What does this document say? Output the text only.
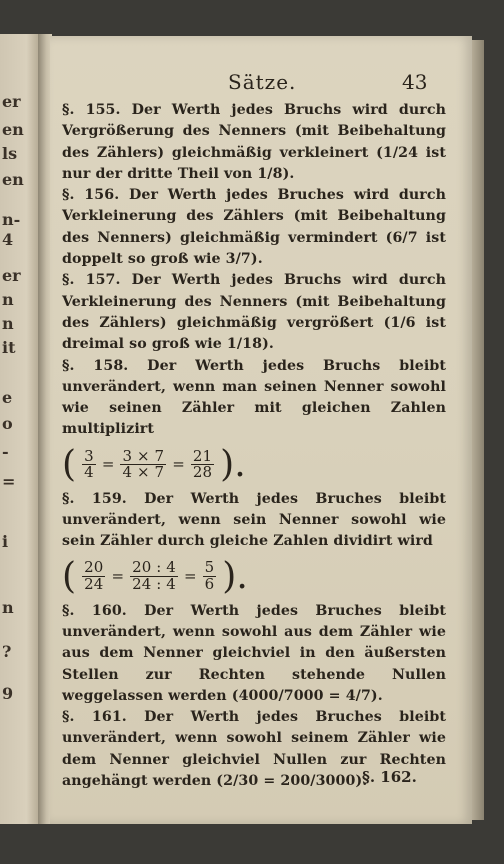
er
en
ls
en
n-
4
er
n
n
it
e
o
-
=
i
n
?
9
Sätze.	43

§. 155. Der Werth jedes Bruchs wird durch Vergrößerung des Nenners (mit Beibehaltung des Zählers) gleichmäßig verkleinert (1/24 ist nur der dritte Theil von 1/8).

§. 156. Der Werth jedes Bruches wird durch Verkleinerung des Zählers (mit Beibehaltung des Nenners) gleichmäßig vermindert (6/7 ist doppelt so groß wie 3/7).

§. 157. Der Werth jedes Bruchs wird durch Verkleinerung des Nenners (mit Beibehaltung des Zählers) gleichmäßig vergrößert (1/6 ist dreimal so groß wie 1/18).

§. 158. Der Werth jedes Bruchs bleibt unverändert, wenn man seinen Nenner sowohl wie seinen Zähler mit gleichen Zahlen multiplizirt

( $\frac{3}{4} = \frac{3 \times 7}{4 \times 7} = \frac{21}{28}$ ).

§. 159. Der Werth jedes Bruches bleibt unverändert, wenn sein Nenner sowohl wie sein Zähler durch gleiche Zahlen dividirt wird

( $\frac{20}{24} = \frac{20 : 4}{24 : 4} = \frac{5}{6}$ ).

§. 160. Der Werth jedes Bruches bleibt unverändert, wenn sowohl aus dem Zähler wie aus dem Nenner gleichviel in den äußersten Stellen zur Rechten stehende Nullen weggelassen werden (4000/7000 = 4/7).

§. 161. Der Werth jedes Bruches bleibt unverändert, wenn sowohl seinem Zähler wie dem Nenner gleichviel Nullen zur Rechten angehängt werden (2/30 = 200/3000).

§. 162.
